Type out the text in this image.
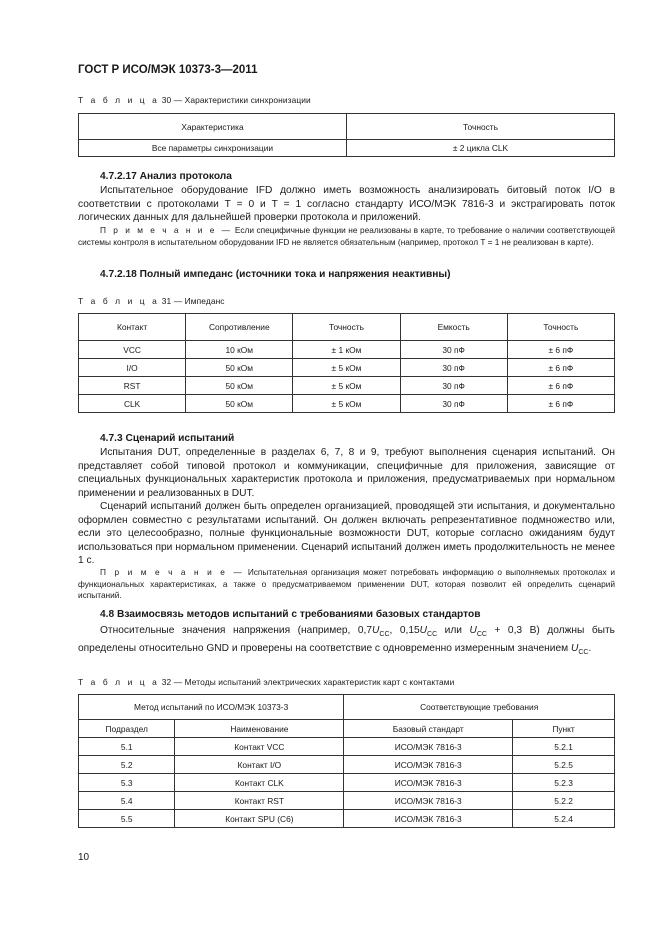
ГОСТ Р ИСО/МЭК 10373-3—2011
Т а б л и ц а 30 — Характеристики синхронизации
Характеристика	Точность
Все параметры синхронизации	± 2 цикла CLK
4.7.2.17 Анализ протокола

Испытательное оборудование IFD должно иметь возможность анализировать битовый поток I/O в соответствии с протоколами T = 0 и T = 1 согласно стандарту ИСО/МЭК 7816-3 и экстрагировать поток логических данных для дальнейшей проверки протокола и приложений.

П р и м е ч а н и е — Если специфичные функции не реализованы в карте, то требование о наличии соответствующей системы контроля в испытательном оборудовании IFD не является обязательным (например, протокол T = 1 не реализован в карте).

4.7.2.18 Полный импеданс (источники тока и напряжения неактивны)
Т а б л и ц а 31 — Импеданс
Контакт	Сопротивление	Точность	Емкость	Точность
VCC	10 кОм	± 1 кОм	30 пФ	± 6 пФ
I/O	50 кОм	± 5 кОм	30 пФ	± 6 пФ
RST	50 кОм	± 5 кОм	30 пФ	± 6 пФ
CLK	50 кОм	± 5 кОм	30 пФ	± 6 пФ
4.7.3 Сценарий испытаний

Испытания DUT, определенные в разделах 6, 7, 8 и 9, требуют выполнения сценария испытаний. Он представляет собой типовой протокол и коммуникации, специфичные для приложения, зависящие от специальных функциональных характеристик протокола и приложения, предусматриваемых при нормальном применении и реализованных в DUT.

Сценарий испытаний должен быть определен организацией, проводящей эти испытания, и документально оформлен совместно с результатами испытаний. Он должен включать репрезентативное подмножество или, если это целесообразно, полные функциональные возможности DUT, которые согласно ожиданиям будут использоваться при нормальном применении. Сценарий испытаний должен иметь продолжительность не менее 1 с.

П р и м е ч а н и е — Испытательная организация может потребовать информацию о выполняемых протоколах и функциональных характеристиках, а также о предусматриваемом применении DUT, которая позволит ей определить сценарий испытаний.

4.8 Взаимосвязь методов испытаний с требованиями базовых стандартов

Относительные значения напряжения (например, $0,7U_{CC}$, $0,15U_{CC}$ или $U_{CC} + 0,3$ В) должны быть определены относительно GND и проверены на соответствие с одновременно измеренным значением $U_{CC}$.

Т а б л и ц а 32 — Методы испытаний электрических характеристик карт с контактами
Метод испытаний по ИСО/МЭК 10373-3		Соответствующие требования	
Подраздел	Наименование	Базовый стандарт	Пункт
5.1	Контакт VCC	ИСО/МЭК 7816-3	5.2.1
5.2	Контакт I/O	ИСО/МЭК 7816-3	5.2.5
5.3	Контакт CLK	ИСО/МЭК 7816-3	5.2.3
5.4	Контакт RST	ИСО/МЭК 7816-3	5.2.2
5.5	Контакт SPU (C6)	ИСО/МЭК 7816-3	5.2.4
10
